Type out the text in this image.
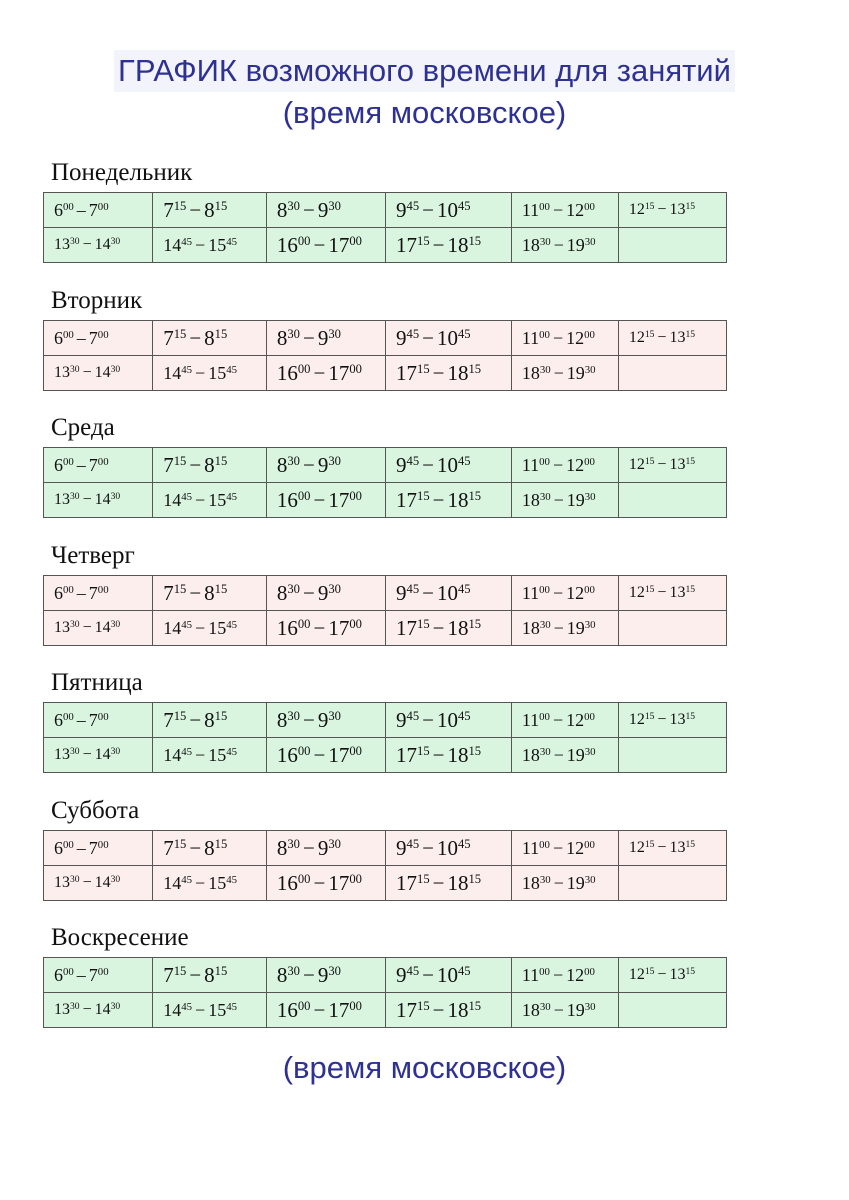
ГРАФИК возможного времени для занятий

(время московское)
Понедельник
$6^{00} - 7^{00}$	$7^{15} - 8^{15}$	$8^{30} - 9^{30}$	$9^{45} - 10^{45}$	$11^{00} - 12^{00}$	$12^{15} - 13^{15}$
$13^{30} - 14^{30}$	$14^{45} - 15^{45}$	$16^{00} - 17^{00}$	$17^{15} - 18^{15}$	$18^{30} - 19^{30}$	
Вторник
$6^{00} - 7^{00}$	$7^{15} - 8^{15}$	$8^{30} - 9^{30}$	$9^{45} - 10^{45}$	$11^{00} - 12^{00}$	$12^{15} - 13^{15}$
$13^{30} - 14^{30}$	$14^{45} - 15^{45}$	$16^{00} - 17^{00}$	$17^{15} - 18^{15}$	$18^{30} - 19^{30}$	
Среда
$6^{00} - 7^{00}$	$7^{15} - 8^{15}$	$8^{30} - 9^{30}$	$9^{45} - 10^{45}$	$11^{00} - 12^{00}$	$12^{15} - 13^{15}$
$13^{30} - 14^{30}$	$14^{45} - 15^{45}$	$16^{00} - 17^{00}$	$17^{15} - 18^{15}$	$18^{30} - 19^{30}$	
Четверг
$6^{00} - 7^{00}$	$7^{15} - 8^{15}$	$8^{30} - 9^{30}$	$9^{45} - 10^{45}$	$11^{00} - 12^{00}$	$12^{15} - 13^{15}$
$13^{30} - 14^{30}$	$14^{45} - 15^{45}$	$16^{00} - 17^{00}$	$17^{15} - 18^{15}$	$18^{30} - 19^{30}$	
Пятница
$6^{00} - 7^{00}$	$7^{15} - 8^{15}$	$8^{30} - 9^{30}$	$9^{45} - 10^{45}$	$11^{00} - 12^{00}$	$12^{15} - 13^{15}$
$13^{30} - 14^{30}$	$14^{45} - 15^{45}$	$16^{00} - 17^{00}$	$17^{15} - 18^{15}$	$18^{30} - 19^{30}$	
Суббота
$6^{00} - 7^{00}$	$7^{15} - 8^{15}$	$8^{30} - 9^{30}$	$9^{45} - 10^{45}$	$11^{00} - 12^{00}$	$12^{15} - 13^{15}$
$13^{30} - 14^{30}$	$14^{45} - 15^{45}$	$16^{00} - 17^{00}$	$17^{15} - 18^{15}$	$18^{30} - 19^{30}$	
Воскресение
$6^{00} - 7^{00}$	$7^{15} - 8^{15}$	$8^{30} - 9^{30}$	$9^{45} - 10^{45}$	$11^{00} - 12^{00}$	$12^{15} - 13^{15}$
$13^{30} - 14^{30}$	$14^{45} - 15^{45}$	$16^{00} - 17^{00}$	$17^{15} - 18^{15}$	$18^{30} - 19^{30}$	
(время московское)
